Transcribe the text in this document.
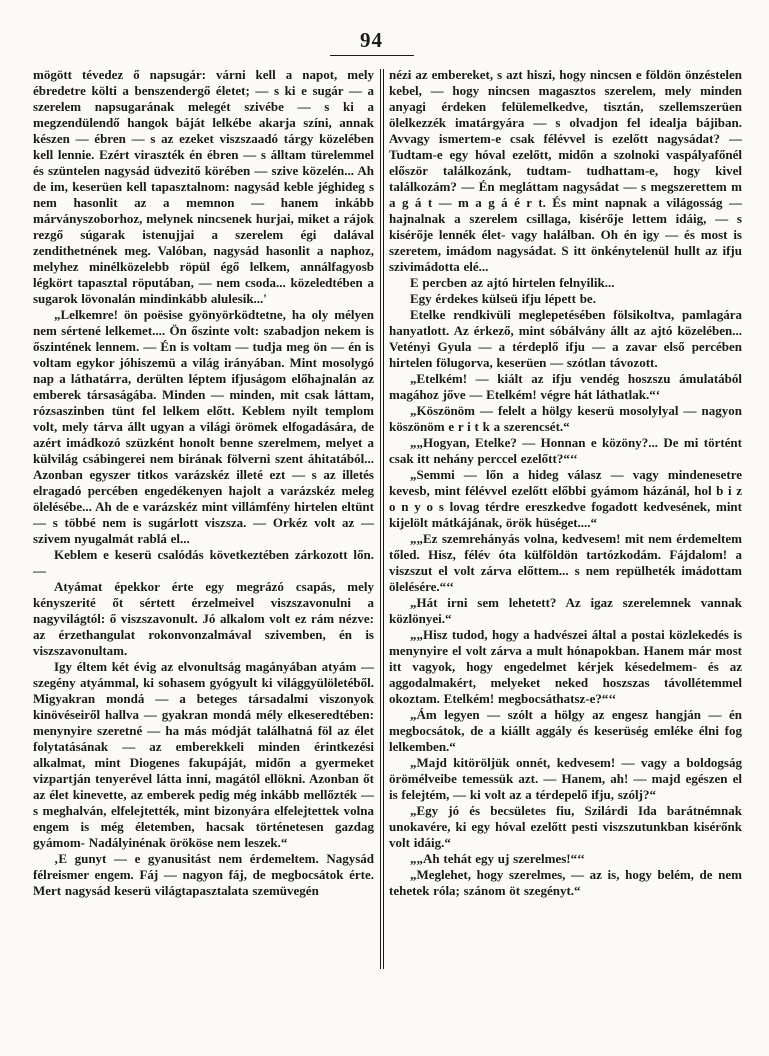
94

mögött tévedez ő napsugár: várni kell a napot, mely ébredetre költi a benszendergő életet; — s ki e sugár — a szerelem napsugarának melegét szivébe — s ki a megzendülendő hangok báját lelkébe akarja színi, annak készen — ébren — s az ezeket viszszaadó tárgy közelében kell lennie. Ezért viraszték én ébren — s álltam türelemmel és szüntelen nagysád üdvezitő körében — szive közelén... Ah de im, keserüen kell tapasztalnom: nagysád keble jéghideg s nem hasonlit az a memnon — hanem inkább márványszoborhoz, melynek nincsenek hurjai, miket a rájok rezgő súgarak istenujjai a szerelem égi dalával zendithetnének meg. Valóban, nagysád hasonlit a naphoz, melyhez minélközelebb röpül égő lelkem, annálfagyosb légkört tapasztal röputában, — nem csoda... közeledtében a sugarok lövonalán mindinkább alulesik...'

„Lelkemre! ön poësise gyönyörködtetne, ha oly mélyen nem sértené lelkemet.... Ön őszinte volt: szabadjon nekem is őszintének lennem. — Én is voltam — tudja meg ön — én is voltam egykor jóhiszemü a világ irányában. Mint mosolygó nap a láthatárra, derülten léptem ifjuságom előhajnalán az emberek társaságába. Minden — minden, mit csak láttam, rózsaszinben tünt fel lelkem előtt. Keblem nyilt templom volt, mely tárva állt ugyan a világi örömek elfogadására, de azért imádkozó szüzként honolt benne szerelmem, melyet a külvilág csábingerei nem birának fölverni szent áhitatából... Azonban egyszer titkos varázskéz illeté ezt — s az illetés elragadó percében engedékenyen hajolt a varázskéz meleg ölelésébe... Ah de e varázskéz mint villámfény hirtelen eltünt — s többé nem is sugárlott viszsza. — Orkéz volt az — szivem nyugalmát rablá el...

Keblem e keserü csalódás következtében zárkozott lőn. —

Atyámat épekkor érte egy megrázó csapás, mely kényszerité őt sértett érzelmeivel viszszavonulni a nagyvilágtól: ő viszszavonult. Jó alkalom volt ez rám nézve: az érzethangulat rokonvonzalmával szivemben, én is viszszavonultam.

Igy éltem két évig az elvonultság magányában atyám — szegény atyámmal, ki sohasem gyógyult ki világgyülöletéből. Migyakran mondá — a beteges társadalmi viszonyok kinövéseiről hallva — gyakran mondá mély elkeseredtében: menynyire szeretné — ha más módját találhatná föl az élet folytatásának — az emberekkeli minden érintkezési alkalmat, mint Diogenes fakupáját, midőn a gyermeket vizpartján tenyerével látta inni, magától ellökni. Azonban őt az élet kinevette, az emberek pedig még inkább mellőzték — s meghalván, elfelejtették, mint bizonyára elfelejtettek volna engem is még életemben, hacsak történetesen gazdag gyámom- Nadályinénak örököse nem leszek.“

‚E gunyt — e gyanusitást nem érdemeltem. Nagysád félreismer engem. Fáj — nagyon fáj, de megbocsátok érte. Mert nagysád keserü világtapasztalata szemüvegén

nézi az embereket, s azt hiszi, hogy nincsen e földön önzéstelen kebel, — hogy nincsen magasztos szerelem, mely minden anyagi érdeken felülemelkedve, tisztán, szellemszerüen ölelkezzék imatárgyára — s olvadjon fel idealja bájiban. Avvagy ismertem-e csak félévvel is ezelőtt nagysádat? — Tudtam-e egy hóval ezelőtt, midőn a szolnoki vaspályafőnél először találkozánk, tudtam- tudhattam-e, hogy kivel találkozám? — Én megláttam nagysádat — s megszerettem m a g á t — m a g á é r t. És mint napnak a világosság — hajnalnak a szerelem csillaga, kisérője lettem idáig, — s kisérője lennék élet- vagy halálban. Oh én igy — és most is szeretem, imádom nagysádat. S itt önkénytelenül hullt az ifju szivimádotta elé...

E percben az ajtó hirtelen felnyilik...

Egy érdekes külseü ifju lépett be.

Etelke rendkivüli meglepetésében fölsikoltva, pamlagára hanyatlott. Az érkező, mint sóbálvány állt az ajtó közelében... Vetényi Gyula — a térdeplő ifju — a zavar első percében hirtelen fölugorva, keserüen — szótlan távozott.

„Etelkém! — kiált az ifju vendég hoszszu ámulatából magához jőve — Etelkém! végre hát láthatlak.“‘

„Köszönöm — felelt a hölgy keserü mosolylyal — nagyon köszönöm e r i t k a szerencsét.“

„„Hogyan, Etelke? — Honnan e közöny?... De mi történt csak itt nehány perccel ezelőtt?“‘‘

„Semmi — lőn a hideg válasz — vagy mindenesetre kevesb, mint félévvel ezelőtt előbbi gyámom házánál, hol b i z o n y o s lovag térdre ereszkedve fogadott kedvesének, mint kijelölt mátkájának, örök hüséget....“

„„Ez szemrehányás volna, kedvesem! mit nem érdemeltem tőled. Hisz, félév óta külföldön tartózkodám. Fájdalom! a viszszut el volt zárva előttem... s nem repülheték imádottam ölelésére.“‘‘

„Hát irni sem lehetett? Az igaz szerelemnek vannak közlönyei.“

„„Hisz tudod, hogy a hadvészei által a postai közlekedés is menynyire el volt zárva a mult hónapokban. Hanem már most itt vagyok, hogy engedelmet kérjek késedelmem- és az aggodalmakért, melyeket neked hoszszas távollétemmel okoztam. Etelkém! megbocsáthatsz-e?“‘‘

„Ám legyen — szólt a hölgy az engesz hangján — én megbocsátok, de a kiállt aggály és keserüség emléke élni fog lelkemben.“

„Majd kitöröljük onnét, kedvesem! — vagy a boldogság örömélveibe temessük azt. — Hanem, ah! — majd egészen el is felejtém, — ki volt az a térdepelő ifju, szólj?“

„Egy jó és becsületes fiu, Szilárdi Ida barátnémnak unokavére, ki egy hóval ezelőtt pesti viszszutunkban kisérőnk volt idáig.“

„„Ah tehát egy uj szerelmes!“‘‘

„Meglehet, hogy szerelmes, — az is, hogy belém, de nem tehetek róla; szánom öt szegényt.“
